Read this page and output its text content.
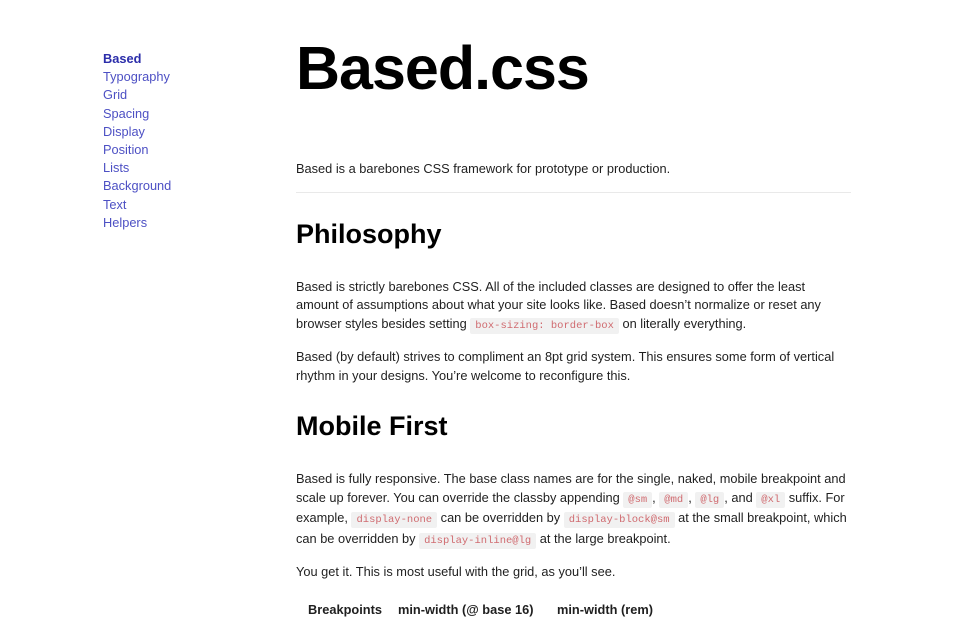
Based
Typography
Grid
Spacing
Display
Position
Lists
Background
Text
Helpers
Based.css

Based is a barebones CSS framework for prototype or production.

Philosophy

Based is strictly barebones CSS. All of the included classes are designed to offer the least amount of assumptions about what your site looks like. Based doesn’t normalize or reset any browser styles besides setting box-sizing: border-box on literally everything.

Based (by default) strives to compliment an 8pt grid system. This ensures some form of vertical rhythm in your designs. You’re welcome to reconfigure this.

Mobile First

Based is fully responsive. The base class names are for the single, naked, mobile breakpoint and scale up forever. You can override the classby appending @sm , @md , @lg , and @xl suffix. For example, display-none can be overridden by display-block@sm at the small breakpoint, which can be overridden by display-inline@lg at the large breakpoint.

You get it. This is most useful with the grid, as you’ll see.

Breakpoints	min-width (@ base 16)	min-width (rem)
